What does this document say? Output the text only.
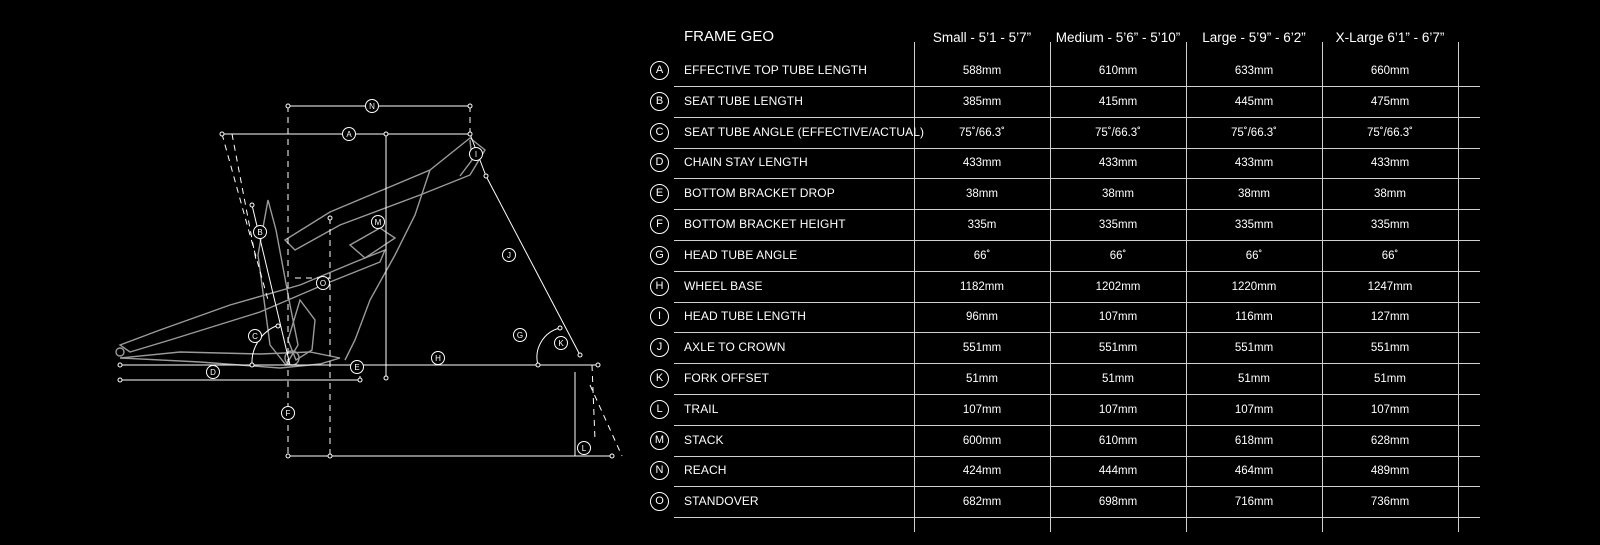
N
A
I
M
B
J
O
C	G
K
D
E
H
F
L
FRAME GEO	Small - 5’1 - 5’7”	Medium - 5’6” - 5’10”	Large - 5’9” - 6’2”	X-Large 6’1” - 6’7”
A	EFFECTIVE TOP TUBE LENGTH	588mm	610mm	633mm	660mm
B	SEAT TUBE LENGTH	385mm	415mm	445mm	475mm
C	SEAT TUBE ANGLE (EFFECTIVE/ACTUAL)	75˚/66.3˚	75˚/66.3˚	75˚/66.3˚	75˚/66.3˚
D	CHAIN STAY LENGTH	433mm	433mm	433mm	433mm
E	BOTTOM BRACKET DROP	38mm	38mm	38mm	38mm
F	BOTTOM BRACKET HEIGHT	335m	335mm	335mm	335mm
G	HEAD TUBE ANGLE	66˚	66˚	66˚	66˚
H	WHEEL BASE	1182mm	1202mm	1220mm	1247mm
I	HEAD TUBE LENGTH	96mm	107mm	116mm	127mm
J	AXLE TO CROWN	551mm	551mm	551mm	551mm
K	FORK OFFSET	51mm	51mm	51mm	51mm
L	TRAIL	107mm	107mm	107mm	107mm
M	STACK	600mm	610mm	618mm	628mm
N	REACH	424mm	444mm	464mm	489mm
O	STANDOVER	682mm	698mm	716mm	736mm
